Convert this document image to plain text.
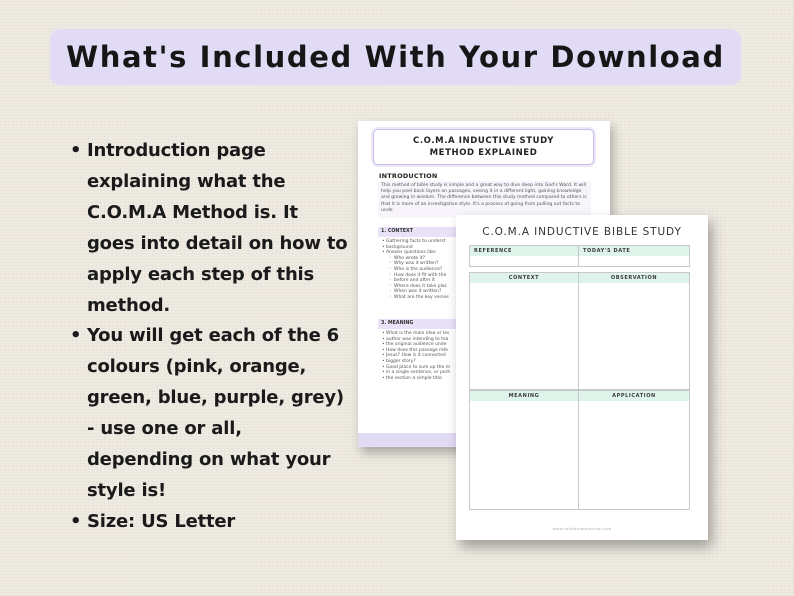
What's Included With Your Download
• Introduction page explaining what the C.O.M.A Method is. It goes into detail on how to apply each step of this method.
• You will get each of the 6 colours (pink, orange, green, blue, purple, grey) - use one or all, depending on what your style is!
• Size: US Letter
C.O.M.A INDUCTIVE STUDY
METHOD EXPLAINED
INTRODUCTION
This method of bible study is simple and a great way to dive deep into God's Word. It will help you peel back layers on passages, seeing it in a different light, gaining knowledge and growing in wisdom. The difference between this study method compared to others is that it is more of an investigative style. It's a process of going from pulling out facts to unde
1. CONTEXT
• Gathering facts to underst
• background
• Answer questions like:
◦ Who wrote it?
◦ Why was it written?
◦ Who is the audience?
◦ How does it fit with the
◦ before and after it
◦ Where does it take plac
◦ When was it written?
◦ What are the key verses
3. MEANING
• What is the main idea or les
• author was intending to tea
• the original audience unde
• How does this passage refe
• Jesus? How is it connected
• bigger story?
• Good place to sum up the m
• in a single sentence, or perh
• the section a simple title
C.O.M.A INDUCTIVE BIBLE STUDY
REFERENCE	TODAY'S DATE
CONTEXT	OBSERVATION
MEANING	APPLICATION
www.faithandmeaning.com
